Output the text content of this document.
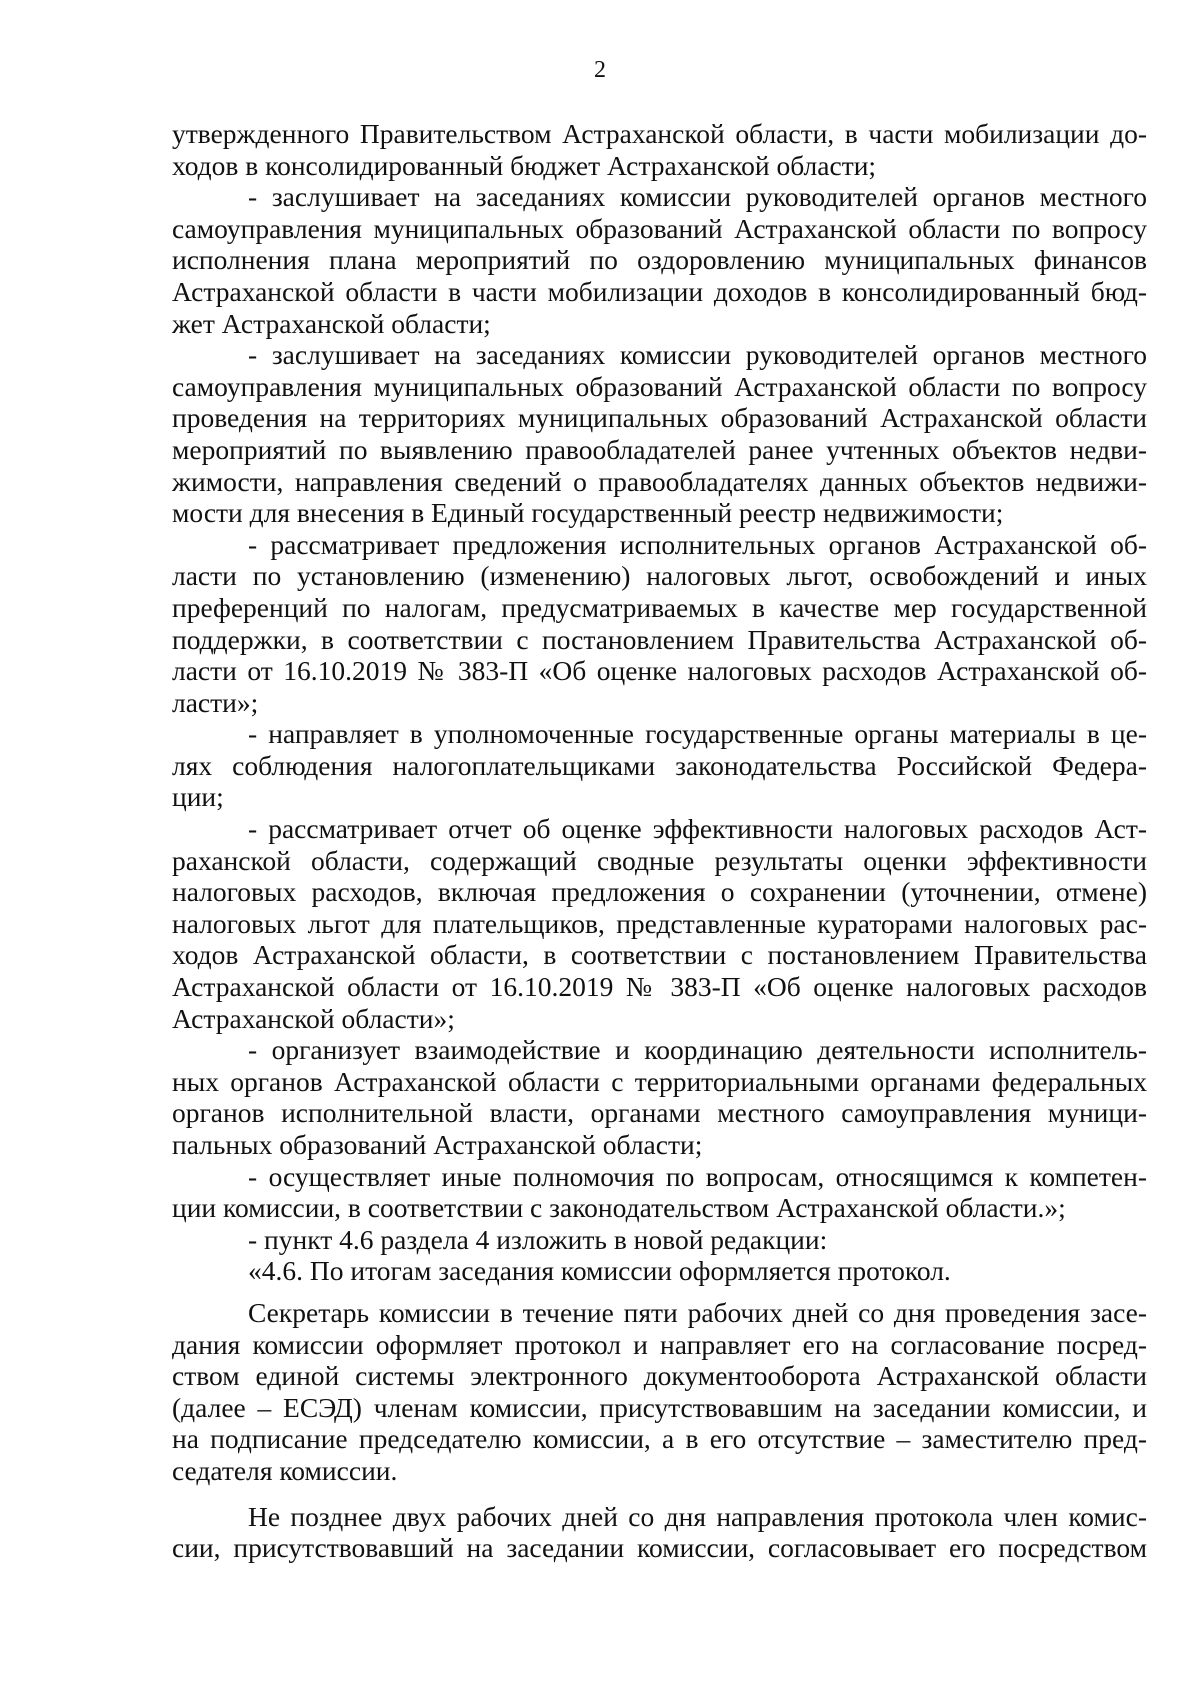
2

утвержденного Правительством Астраханской области, в части мобилизации до-
ходов в консолидированный бюджет Астраханской области;

- заслушивает на заседаниях комиссии руководителей органов местного
самоуправления муниципальных образований Астраханской области по вопросу
исполнения плана мероприятий по оздоровлению муниципальных финансов
Астраханской области в части мобилизации доходов в консолидированный бюд-
жет Астраханской области;

- заслушивает на заседаниях комиссии руководителей органов местного
самоуправления муниципальных образований Астраханской области по вопросу
проведения на территориях муниципальных образований Астраханской области
мероприятий по выявлению правообладателей ранее учтенных объектов недви-
жимости, направления сведений о правообладателях данных объектов недвижи-
мости для внесения в Единый государственный реестр недвижимости;

- рассматривает предложения исполнительных органов Астраханской об-
ласти по установлению (изменению) налоговых льгот, освобождений и иных
преференций по налогам, предусматриваемых в качестве мер государственной
поддержки, в соответствии с постановлением Правительства Астраханской об-
ласти от 16.10.2019 № 383-П «Об оценке налоговых расходов Астраханской об-
ласти»;

- направляет в уполномоченные государственные органы материалы в це-
лях соблюдения налогоплательщиками законодательства Российской Федера-
ции;

- рассматривает отчет об оценке эффективности налоговых расходов Аст-
раханской области, содержащий сводные результаты оценки эффективности
налоговых расходов, включая предложения о сохранении (уточнении, отмене)
налоговых льгот для плательщиков, представленные кураторами налоговых рас-
ходов Астраханской области, в соответствии с постановлением Правительства
Астраханской области от 16.10.2019 № 383-П «Об оценке налоговых расходов
Астраханской области»;

- организует взаимодействие и координацию деятельности исполнитель-
ных органов Астраханской области с территориальными органами федеральных
органов исполнительной власти, органами местного самоуправления муници-
пальных образований Астраханской области;

- осуществляет иные полномочия по вопросам, относящимся к компетен-
ции комиссии, в соответствии с законодательством Астраханской области.»;

- пункт 4.6 раздела 4 изложить в новой редакции:

«4.6. По итогам заседания комиссии оформляется протокол.

Секретарь комиссии в течение пяти рабочих дней со дня проведения засе-
дания комиссии оформляет протокол и направляет его на согласование посред-
ством единой системы электронного документооборота Астраханской области
(далее – ЕСЭД) членам комиссии, присутствовавшим на заседании комиссии, и
на подписание председателю комиссии, а в его отсутствие – заместителю пред-
седателя комиссии.

Не позднее двух рабочих дней со дня направления протокола член комис-
сии, присутствовавший на заседании комиссии, согласовывает его посредством
